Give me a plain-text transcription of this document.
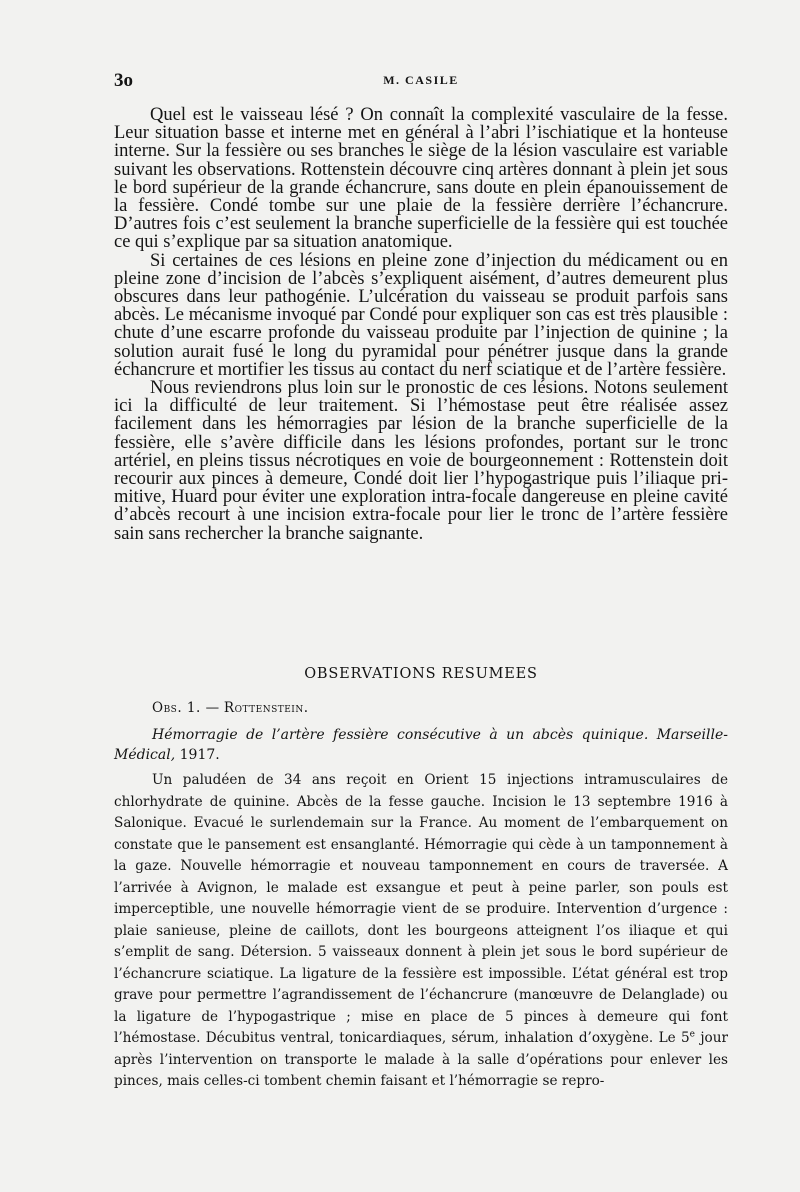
3o	M. CASILE

Quel est le vaisseau lésé ? On connaît la complexité vasculaire de la fesse. Leur situation basse et interne met en général à l’abri l’ischiatique et la honteuse interne. Sur la fessière ou ses branches le siège de la lésion vasculaire est variable suivant les observations. Rottenstein découvre cinq artères donnant à plein jet sous le bord supérieur de la grande échancrure, sans doute en plein épanouissement de la fessière. Condé tombe sur une plaie de la fessière derrière l’échancrure. D’autres fois c’est seulement la branche superficielle de la fessière qui est touchée ce qui s’explique par sa situation anatomique.

Si certaines de ces lésions en pleine zone d’injection du médicament ou en pleine zone d’incision de l’abcès s’expliquent aisément, d’autres demeurent plus obscures dans leur pathogénie. L’ulcération du vaisseau se produit parfois sans abcès. Le mécanisme invoqué par Condé pour expliquer son cas est très plausible : chute d’une escarre profonde du vaisseau produite par l’injection de quinine ; la solution aurait fusé le long du pyramidal pour pénétrer jusque dans la grande échancrure et mortifier les tissus au contact du nerf sciatique et de l’artère fessière.

Nous reviendrons plus loin sur le pronostic de ces lésions. Notons seulement ici la difficulté de leur traitement. Si l’hémostase peut être réalisée assez facilement dans les hémorragies par lésion de la branche superficielle de la fessière, elle s’avère difficile dans les lésions profondes, portant sur le tronc artériel, en pleins tissus nécrotiques en voie de bourgeonnement : Rottenstein doit recourir aux pinces à demeure, Condé doit lier l’hypogastrique puis l’iliaque primitive, Huard pour éviter une exploration intra-focale dangereuse en pleine cavité d’abcès recourt à une incision extra-focale pour lier le tronc de l’artère fessière sain sans rechercher la branche saignante.

OBSERVATIONS RESUMEES
Obs. 1. — Rottenstein.
Hémorragie de l’artère fessière consécutive à un abcès quinique. Marseille-Médical, 1917.
Un paludéen de 34 ans reçoit en Orient 15 injections intramusculaires de chlorhydrate de quinine. Abcès de la fesse gauche. Incision le 13 septembre 1916 à Salonique. Evacué le surlendemain sur la France. Au moment de l’embarquement on constate que le pansement est ensanglanté. Hémorragie qui cède à un tamponnement à la gaze. Nouvelle hémorragie et nouveau tamponnement en cours de traversée. A l’arrivée à Avignon, le malade est exsangue et peut à peine parler, son pouls est imperceptible, une nouvelle hémorragie vient de se produire. Intervention d’urgence : plaie sanieuse, pleine de caillots, dont les bourgeons atteignent l’os iliaque et qui s’emplit de sang. Détersion. 5 vaisseaux donnent à plein jet sous le bord supérieur de l’échancrure sciatique. La ligature de la fessière est impossible. L’état général est trop grave pour permettre l’agrandissement de l’échancrure (manœuvre de Delanglade) ou la ligature de l’hypogastrique ; mise en place de 5 pinces à demeure qui font l’hémostase. Décubitus ventral, tonicardiaques, sérum, inhalation d’oxygène. Le 5e jour après l’intervention on transporte le malade à la salle d’opérations pour enlever les pinces, mais celles-ci tombent chemin faisant et l’hémorragie se repro-
